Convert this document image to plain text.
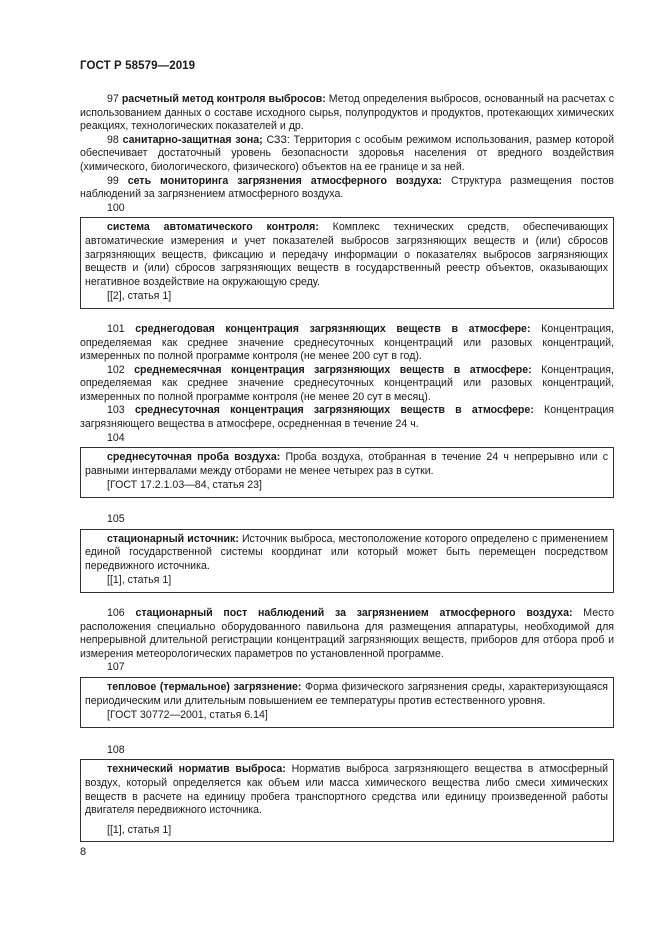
ГОСТ Р 58579—2019

97 расчетный метод контроля выбросов: Метод определения выбросов, основанный на расчетах с использованием данных о составе исходного сырья, полупродуктов и продуктов, протекающих химических реакциях, технологических показателей и др.

98 санитарно-защитная зона; СЗЗ: Территория с особым режимом использования, размер которой обеспечивает достаточный уровень безопасности здоровья населения от вредного воздействия (химического, биологического, физического) объектов на ее границе и за ней.

99 сеть мониторинга загрязнения атмосферного воздуха: Структура размещения постов наблюдений за загрязнением атмосферного воздуха.

100

система автоматического контроля: Комплекс технических средств, обеспечивающих автоматические измерения и учет показателей выбросов загрязняющих веществ и (или) сбросов загрязняющих веществ, фиксацию и передачу информации о показателях выбросов загрязняющих веществ и (или) сбросов загрязняющих веществ в государственный реестр объектов, оказывающих негативное воздействие на окружающую среду.

[[2], статья 1]

101 среднегодовая концентрация загрязняющих веществ в атмосфере: Концентрация, определяемая как среднее значение среднесуточных концентраций или разовых концентраций, измеренных по полной программе контроля (не менее 200 сут в год).

102 среднемесячная концентрация загрязняющих веществ в атмосфере: Концентрация, определяемая как среднее значение среднесуточных концентраций или разовых концентраций, измеренных по полной программе контроля (не менее 20 сут в месяц).

103 среднесуточная концентрация загрязняющих веществ в атмосфере: Концентрация загрязняющего вещества в атмосфере, осредненная в течение 24 ч.

104

среднесуточная проба воздуха: Проба воздуха, отобранная в течение 24 ч непрерывно или с равными интервалами между отборами не менее четырех раз в сутки.

[ГОСТ 17.2.1.03—84, статья 23]
105

стационарный источник: Источник выброса, местоположение которого определено с применением единой государственной системы координат или который может быть перемещен посредством передвижного источника.

[[1], статья 1]

106 стационарный пост наблюдений за загрязнением атмосферного воздуха: Место расположения специально оборудованного павильона для размещения аппаратуры, необходимой для непрерывной длительной регистрации концентраций загрязняющих веществ, приборов для отбора проб и измерения метеорологических параметров по установленной программе.

107

тепловое (термальное) загрязнение: Форма физического загрязнения среды, характеризующаяся периодическим или длительным повышением ее температуры против естественного уровня.

[ГОСТ 30772—2001, статья 6.14]
108

технический норматив выброса: Норматив выброса загрязняющего вещества в атмосферный воздух, который определяется как объем или масса химического вещества либо смеси химических веществ в расчете на единицу пробега транспортного средства или единицу произведенной работы двигателя передвижного источника.

[[1], статья 1]
8
